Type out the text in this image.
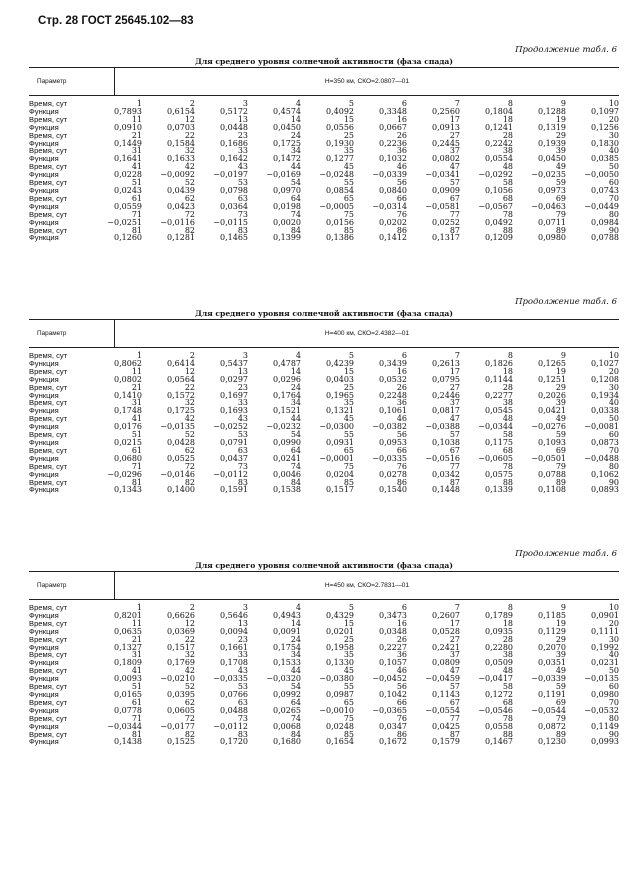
Стр. 28 ГОСТ 25645.102—83
Продолжение табл. 6
Для среднего уровня солнечной активности (фаза спада)
Параметр	Н=350 км, СКО=2.0807—01
Время, сут	1	2	3	4	5	6	7	8	9	10
Функция	0,7893	0,6154	0,5172	0,4574	0,4092	0,3348	0,2560	0,1804	0,1288	0,1097
Время, сут	11	12	13	14	15	16	17	18	19	20
Функция	0,0910	0,0703	0,0448	0,0450	0,0556	0,0667	0,0913	0,1241	0,1319	0,1256
Время, сут	21	22	23	24	25	26	27	28	29	30
Функция	0,1449	0,1584	0,1686	0,1725	0,1930	0,2236	0,2445	0,2242	0,1939	0,1830
Время, сут	31	32	33	34	35	36	37	38	39	40
Функция	0,1641	0,1633	0,1642	0,1472	0,1277	0,1032	0,0802	0,0554	0,0450	0,0385
Время, сут	41	42	43	44	45	46	47	48	49	50
Функция	0,0228	−0,0092	−0,0197	−0,0169	−0,0248	−0,0339	−0,0341	−0,0292	−0,0235	−0,0050
Время, сут	51	52	53	54	55	56	57	58	59	60
Функция	0,0243	0,0439	0,0798	0,0970	0,0854	0,0840	0,0909	0,1056	0,0973	0,0743
Время, сут	61	62	63	64	65	66	67	68	69	70
Функция	0,0559	0,0423	0,0364	0,0198	−0,0005	−0,0314	−0,0581	−0,0567	−0,0463	−0,0449
Время, сут	71	72	73	74	75	76	77	78	79	80
Функция	−0,0251	−0,0116	−0,0115	0,0020	0,0156	0,0202	0,0252	0,0492	0,0711	0,0984
Время, сут	81	82	83	84	85	86	87	88	89	90
Функция	0,1260	0,1281	0,1465	0,1399	0,1386	0,1412	0,1317	0,1209	0,0980	0,0788
Продолжение табл. 6
Для среднего уровня солнечной активности (фаза спада)
Параметр	Н=400 км, СКО=2.4382—01
Время, сут	1	2	3	4	5	6	7	8	9	10
Функция	0,8062	0,6414	0,5437	0,4787	0,4239	0,3439	0,2613	0,1826	0,1265	0,1027
Время, сут	11	12	13	14	15	16	17	18	19	20
Функция	0,0802	0,0564	0,0297	0,0296	0,0403	0,0532	0,0795	0,1144	0,1251	0,1208
Время, сут	21	22	23	24	25	26	27	28	29	30
Функция	0,1410	0,1572	0,1697	0,1764	0,1965	0,2248	0,2446	0,2277	0,2026	0,1934
Время, сут	31	32	33	34	35	36	37	38	39	40
Функция	0,1748	0,1725	0,1693	0,1521	0,1321	0,1061	0,0817	0,0545	0,0421	0,0338
Время, сут	41	42	43	44	45	46	47	48	49	50
Функция	0,0176	−0,0135	−0,0252	−0,0232	−0,0300	−0,0382	−0,0388	−0,0344	−0,0276	−0,0081
Время, сут	51	52	53	54	55	56	57	58	59	60
Функция	0,0215	0,0428	0,0791	0,0990	0,0931	0,0953	0,1038	0,1175	0,1093	0,0873
Время, сут	61	62	63	64	65	66	67	68	69	70
Функция	0,0680	0,0525	0,0437	0,0241	−0,0001	−0,0335	−0,0516	−0,0605	−0,0501	−0,0488
Время, сут	71	72	73	74	75	76	77	78	79	80
Функция	−0,0296	−0,0146	−0,0112	0,0046	0,0204	0,0278	0,0342	0,0575	0,0788	0,1062
Время, сут	81	82	83	84	85	86	87	88	89	90
Функция	0,1343	0,1400	0,1591	0,1538	0,1517	0,1540	0,1448	0,1339	0,1108	0,0893
Продолжение табл. 6
Для среднего уровня солнечной активности (фаза спада)
Параметр	Н=450 км, СКО=2.7831—01
Время, сут	1	2	3	4	5	6	7	8	9	10
Функция	0,8201	0,6626	0,5646	0,4943	0,4329	0,3473	0,2607	0,1789	0,1185	0,0901
Время, сут	11	12	13	14	15	16	17	18	19	20
Функция	0,0635	0,0369	0,0094	0,0091	0,0201	0,0348	0,0528	0,0935	0,1129	0,1111
Время, сут	21	22	23	24	25	26	27	28	29	30
Функция	0,1327	0,1517	0,1661	0,1754	0,1958	0,2227	0,2421	0,2280	0,2070	0,1992
Время, сут	31	32	33	34	35	36	37	38	39	40
Функция	0,1809	0,1769	0,1708	0,1533	0,1330	0,1057	0,0809	0,0509	0,0351	0,0231
Время, сут	41	42	43	44	45	46	47	48	49	50
Функция	0,0093	−0,0210	−0,0335	−0,0320	−0,0380	−0,0452	−0,0459	−0,0417	−0,0339	−0,0135
Время, сут	51	52	53	54	55	56	57	58	59	60
Функция	0,0165	0,0395	0,0766	0,0992	0,0987	0,1042	0,1143	0,1272	0,1191	0,0980
Время, сут	61	62	63	64	65	66	67	68	69	70
Функция	0,0778	0,0605	0,0488	0,0265	−0,0010	−0,0365	−0,0554	−0,0546	−0,0544	−0,0532
Время, сут	71	72	73	74	75	76	77	78	79	80
Функция	−0,0344	−0,0177	−0,0112	0,0068	0,0248	0,0347	0,0425	0,0558	0,0872	0,1149
Время, сут	81	82	83	84	85	86	87	88	89	90
Функция	0,1438	0,1525	0,1720	0,1680	0,1654	0,1672	0,1579	0,1467	0,1230	0,0993
